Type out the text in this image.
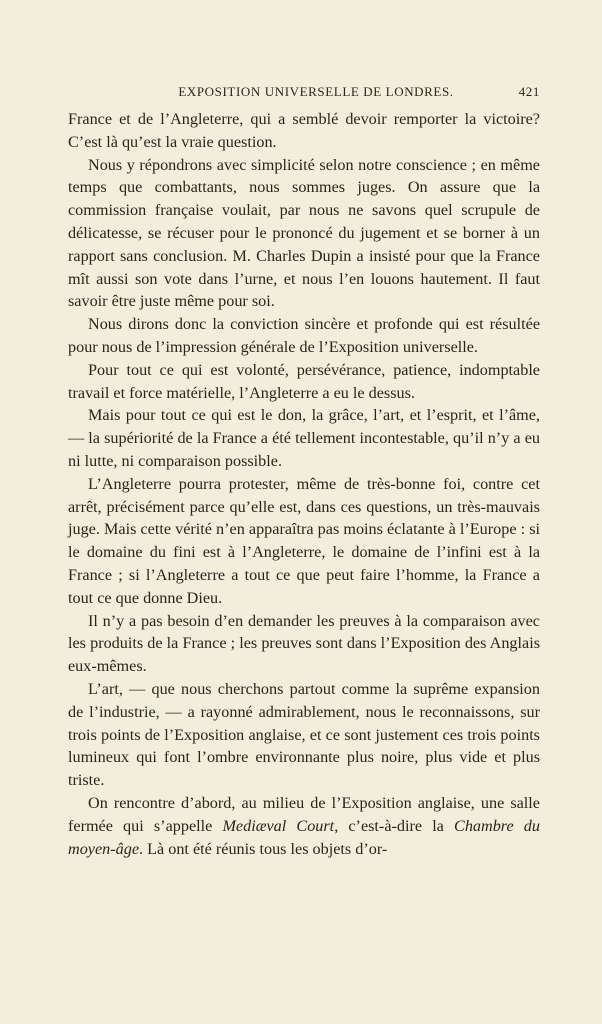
EXPOSITION UNIVERSELLE DE LONDRES.	421

France et de l’Angleterre, qui a semblé devoir remporter la victoire? C’est là qu’est la vraie question.

Nous y répondrons avec simplicité selon notre conscience ; en même temps que combattants, nous sommes juges. On assure que la commission française voulait, par nous ne savons quel scrupule de délicatesse, se récuser pour le prononcé du jugement et se borner à un rapport sans conclusion. M. Charles Dupin a insisté pour que la France mît aussi son vote dans l’urne, et nous l’en louons hautement. Il faut savoir être juste même pour soi.

Nous dirons donc la conviction sincère et profonde qui est résultée pour nous de l’impression générale de l’Exposition universelle.

Pour tout ce qui est volonté, persévérance, patience, indomptable travail et force matérielle, l’Angleterre a eu le dessus.

Mais pour tout ce qui est le don, la grâce, l’art, et l’esprit, et l’âme, — la supériorité de la France a été tellement incontestable, qu’il n’y a eu ni lutte, ni comparaison possible.

L’Angleterre pourra protester, même de très-bonne foi, contre cet arrêt, précisément parce qu’elle est, dans ces questions, un très-mauvais juge. Mais cette vérité n’en apparaîtra pas moins éclatante à l’Europe : si le domaine du fini est à l’Angleterre, le domaine de l’infini est à la France ; si l’Angleterre a tout ce que peut faire l’homme, la France a tout ce que donne Dieu.

Il n’y a pas besoin d’en demander les preuves à la comparaison avec les produits de la France ; les preuves sont dans l’Exposition des Anglais eux-mêmes.

L’art, — que nous cherchons partout comme la suprême expansion de l’industrie, — a rayonné admirablement, nous le reconnaissons, sur trois points de l’Exposition anglaise, et ce sont justement ces trois points lumineux qui font l’ombre environnante plus noire, plus vide et plus triste.

On rencontre d’abord, au milieu de l’Exposition anglaise, une salle fermée qui s’appelle Mediæval Court, c’est-à-dire la Chambre du moyen-âge. Là ont été réunis tous les objets d’or-
